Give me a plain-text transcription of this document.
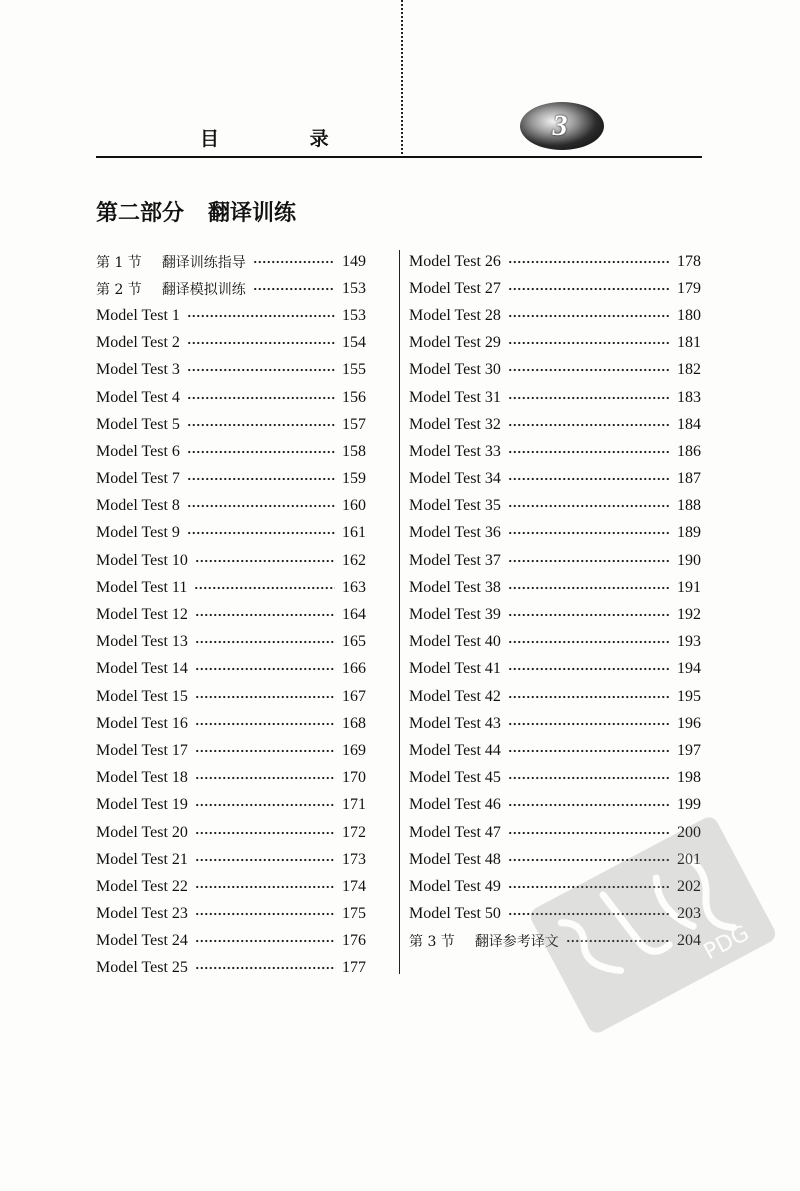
目 录	3
第二部分 翻译训练
第 1 节 翻译训练指导	149
第 2 节 翻译模拟训练	153
Model Test 1	153
Model Test 2	154
Model Test 3	155
Model Test 4	156
Model Test 5	157
Model Test 6	158
Model Test 7	159
Model Test 8	160
Model Test 9	161
Model Test 10	162
Model Test 11	163
Model Test 12	164
Model Test 13	165
Model Test 14	166
Model Test 15	167
Model Test 16	168
Model Test 17	169
Model Test 18	170
Model Test 19	171
Model Test 20	172
Model Test 21	173
Model Test 22	174
Model Test 23	175
Model Test 24	176
Model Test 25	177
Model Test 26	178
Model Test 27	179
Model Test 28	180
Model Test 29	181
Model Test 30	182
Model Test 31	183
Model Test 32	184
Model Test 33	186
Model Test 34	187
Model Test 35	188
Model Test 36	189
Model Test 37	190
Model Test 38	191
Model Test 39	192
Model Test 40	193
Model Test 41	194
Model Test 42	195
Model Test 43	196
Model Test 44	197
Model Test 45	198
Model Test 46	199
Model Test 47	200
Model Test 48	201
Model Test 49	202
Model Test 50	203
第 3 节 翻译参考译文	204
PDG
